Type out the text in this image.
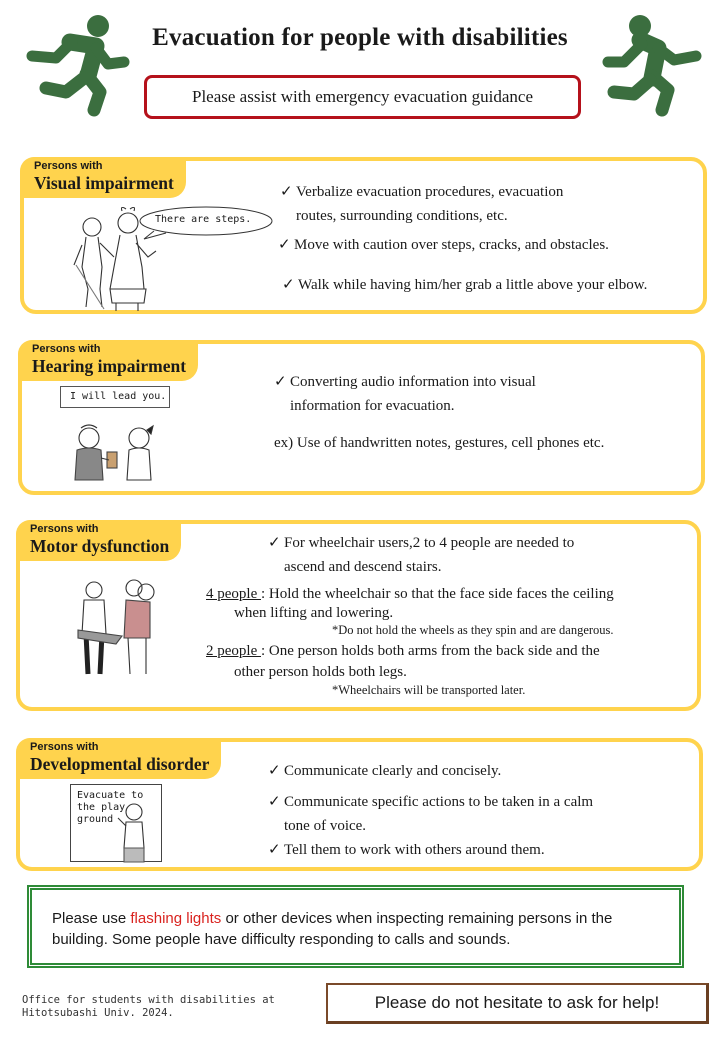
Evacuation for people with disabilities
Please assist with emergency evacuation guidance
Persons with
Visual impairment
There are steps.
✓ Verbalize evacuation procedures, evacuation
routes, surrounding conditions, etc.
✓ Move with caution over steps, cracks, and obstacles.
✓ Walk while having him/her grab a little above your elbow.
Persons with
Hearing impairment
I will lead you.
✓ Converting audio information into visual
information for evacuation.
ex) Use of handwritten notes, gestures, cell phones etc.
Persons with
Motor dysfunction	✓ For wheelchair users,2 to 4 people are needed to
ascend and descend stairs.
4 people : Hold the wheelchair so that the face side faces the ceiling
when lifting and lowering.
*Do not hold the wheels as they spin and are dangerous.
2 people : One person holds both arms from the back side and the
other person holds both legs.
*Wheelchairs will be transported later.
Persons with
Developmental disorder
Evacuate to
the play
ground
✓ Communicate clearly and concisely.
✓ Communicate specific actions to be taken in a calm
tone of voice.
✓ Tell them to work with others around them.
Please use flashing lights or other devices when inspecting remaining persons in the building. Some people have difficulty responding to calls and sounds.
Office for students with disabilities at
Hitotsubashi Univ. 2024.
Please do not hesitate to ask for help!
